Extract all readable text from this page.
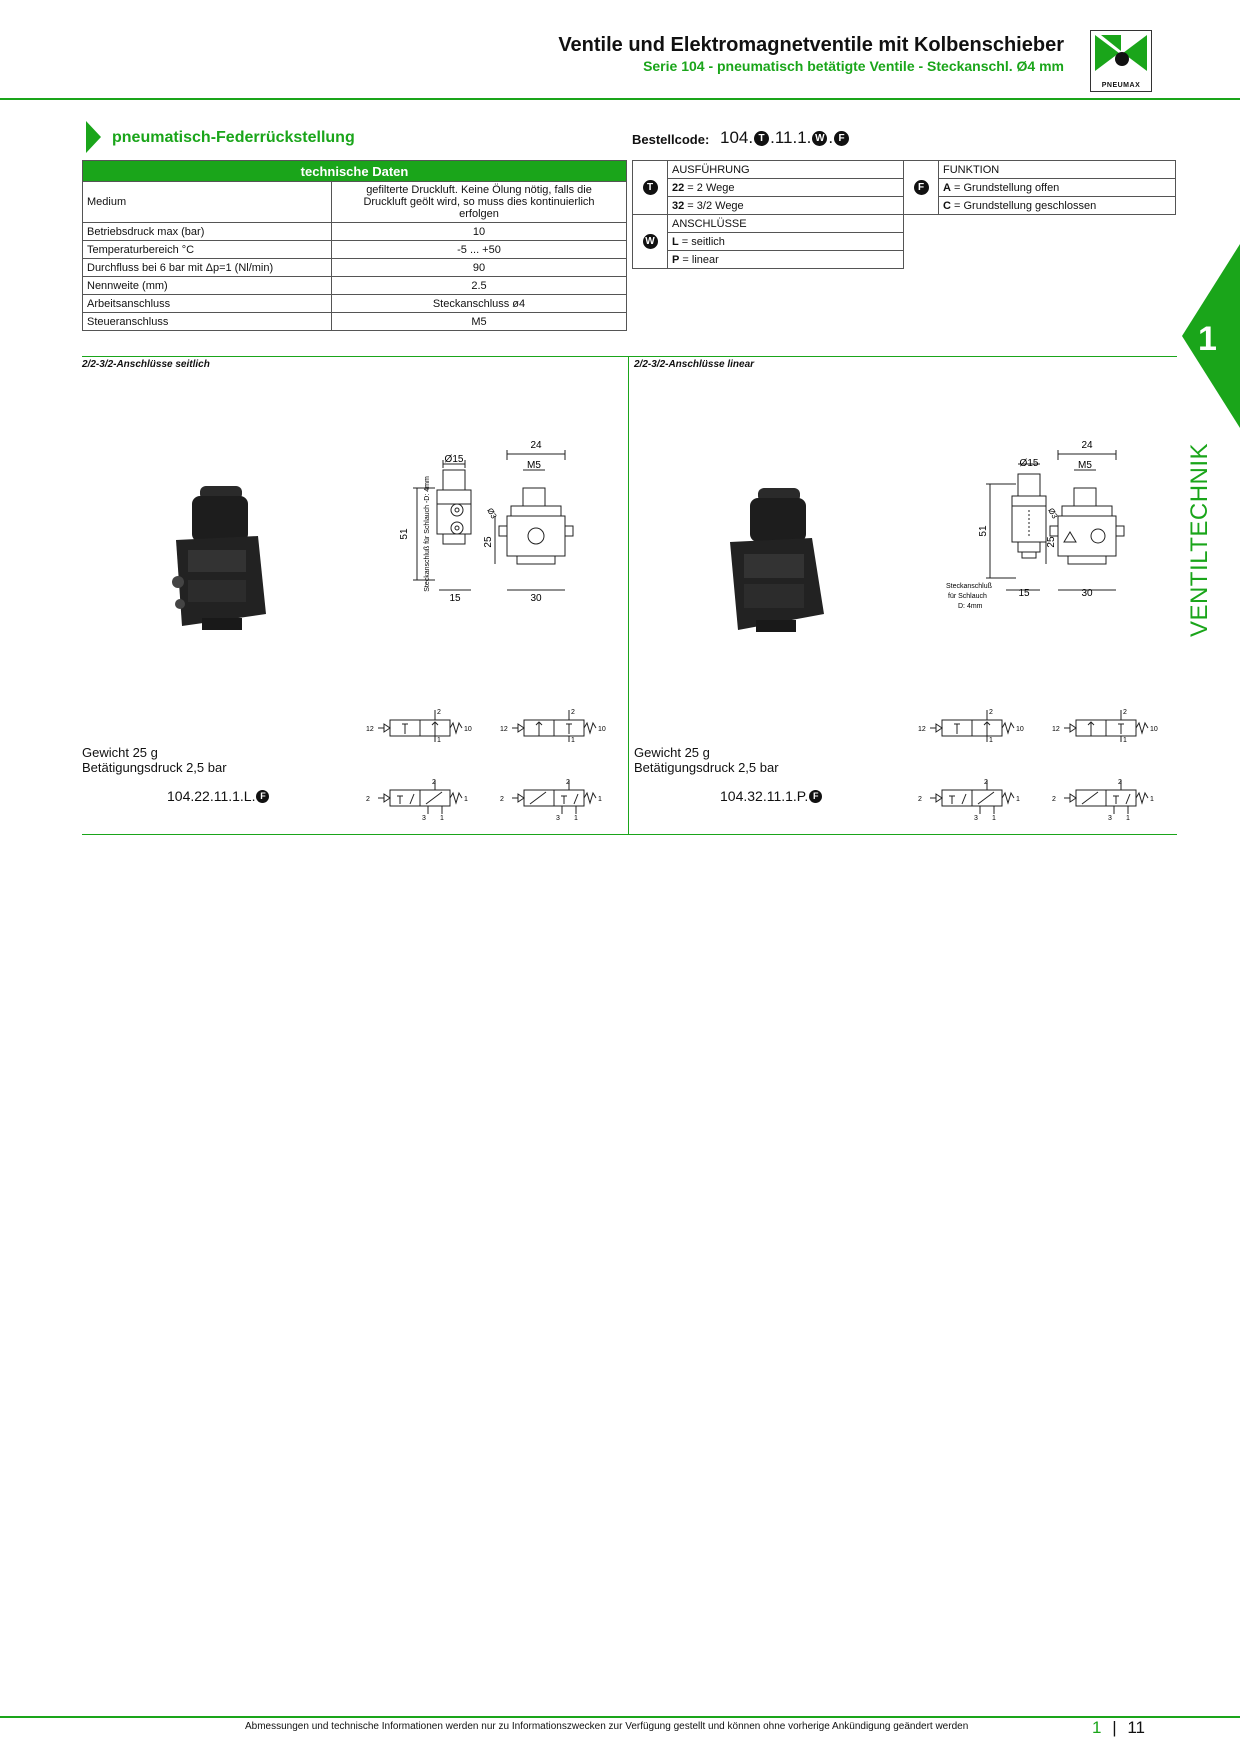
Ventile und Elektromagnetventile mit Kolbenschieber
Serie 104 - pneumatisch betätigte Ventile - Steckanschl. Ø4 mm
PNEUMAX
pneumatisch-Federrückstellung	Bestellcode: 104. T .11.1. W . F
technische Daten	
Medium	gefilterte Druckluft. Keine Ölung nötig, falls die Druckluft geölt wird, so muss dies kontinuierlich erfolgen
Betriebsdruck max (bar)	10
Temperaturbereich °C	-5 ... +50
Durchfluss bei 6 bar mit Δp=1 (Nl/min)	90
Nennweite (mm)	2.5
Arbeitsanschluss	Steckanschluss ø4
Steueranschluss	M5
T	AUSFÜHRUNG
	22 = 2 Wege
	32 = 3/2 Wege
W	ANSCHLÜSSE
	L = seitlich
	P = linear
F	FUNKTION
A = Grundstellung offen
C = Grundstellung geschlossen
1
VENTILTECHNIK
2/2-3/2-Anschlüsse seitlich
24
Ø15
M5
51
25
15	30
Steckanschluß für Schlauch -D: 4mm	Ø3
12	10
2
1
12	10
2
1
2	1
2
3 1
2	1
2
3 1
Gewicht 25 g
Betätigungsdruck 2,5 bar
104.22.11.1.L. F
2/2-3/2-Anschlüsse linear
24
Ø15	M5
51
25
15	30
Steckanschluß
für Schlauch
D: 4mm
Ø3
12	10
2
1
12	10
2
1
2	1
2
3 1
2	1
2
3 1
Gewicht 25 g
Betätigungsdruck 2,5 bar
104.32.11.1.P. F
Abmessungen und technische Informationen werden nur zu Informationszwecken zur Verfügung gestellt und können ohne vorherige Ankündigung geändert werden	1 | 11
